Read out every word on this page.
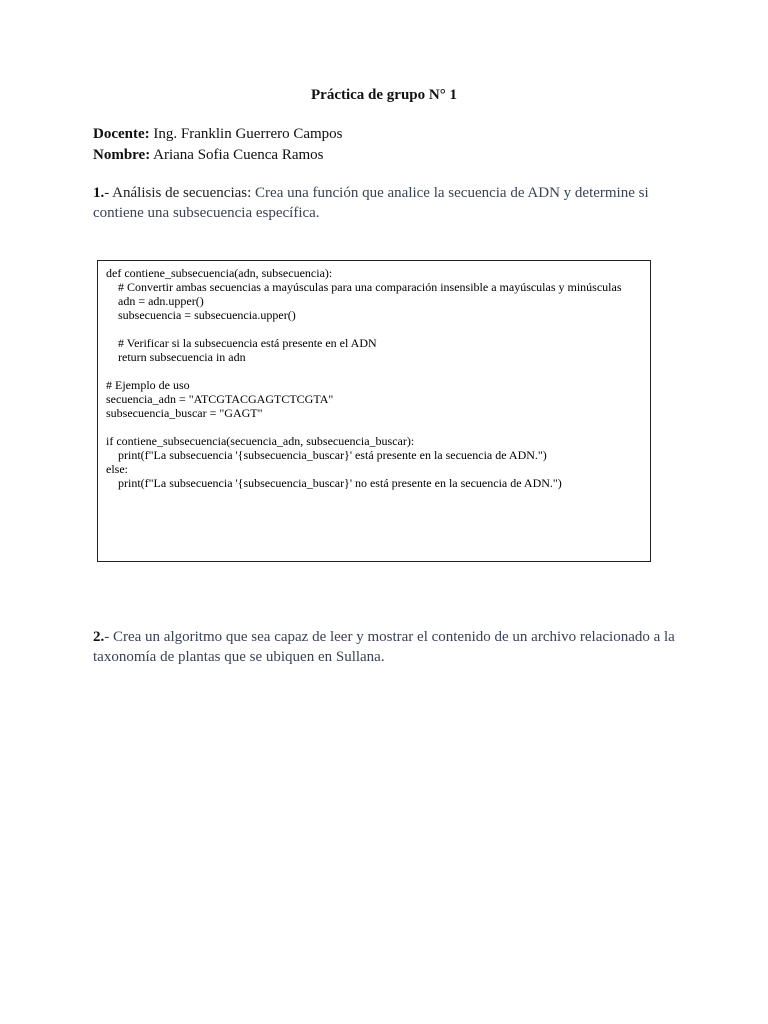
Práctica de grupo N° 1
Docente: Ing. Franklin Guerrero Campos
Nombre: Ariana Sofia Cuenca Ramos
1.- Análisis de secuencias: Crea una función que analice la secuencia de ADN y determine si contiene una subsecuencia específica.
def contiene_subsecuencia(adn, subsecuencia):
# Convertir ambas secuencias a mayúsculas para una comparación insensible a mayúsculas y minúsculas
adn = adn.upper()
subsecuencia = subsecuencia.upper()
# Verificar si la subsecuencia está presente en el ADN
return subsecuencia in adn
# Ejemplo de uso
secuencia_adn = "ATCGTACGAGTCTCGTA"
subsecuencia_buscar = "GAGT"
if contiene_subsecuencia(secuencia_adn, subsecuencia_buscar):
print(f"La subsecuencia '{subsecuencia_buscar}' está presente en la secuencia de ADN.")
else:
print(f"La subsecuencia '{subsecuencia_buscar}' no está presente en la secuencia de ADN.")
2.- Crea un algoritmo que sea capaz de leer y mostrar el contenido de un archivo relacionado a la taxonomía de plantas que se ubiquen en Sullana.
